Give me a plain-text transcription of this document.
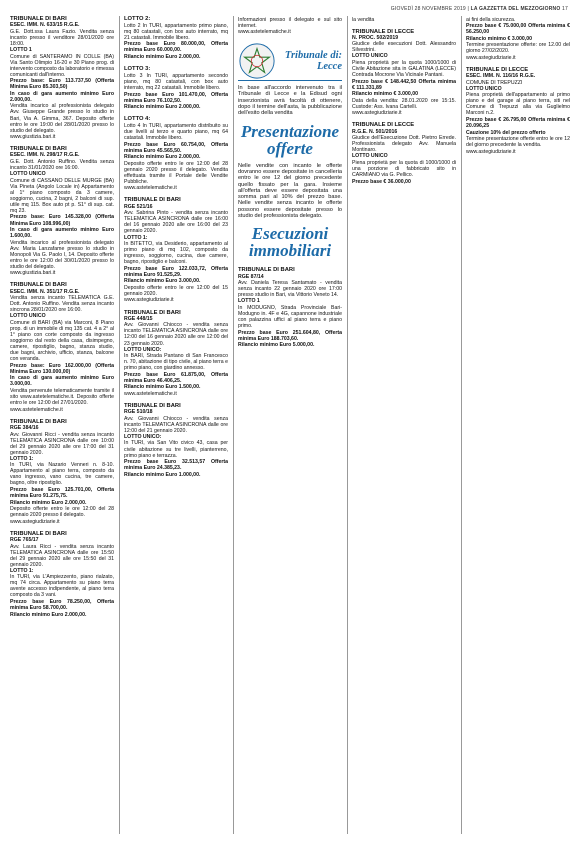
GIOVEDÌ 28 NOVEMBRE 2019 | LA GAZZETTA DEL MEZZOGIORNO 17
TRIBUNALE DI BARI
ESEC. IMM. N. 633/15 R.G.E.

G.E. Dott.ssa Laura Fazio. Vendita senza incanto presso il venditore 28/01/2020 ore 18:00.

LOTTO 1

Comune di SANTERAMO IN COLLE (BA) Via Santo Olimpio 16-20 e 30 Piano prog. di intervento composto da laboratorio e rimessa comunicanti dall'interno.

Prezzo base: Euro 113.737,50 (Offerta Minima Euro 85.303,50)

In caso di gara aumento minimo Euro 2.000,00.

Vendita incarico al professionista delegato Avv. Giuseppe Grande presso lo studio in Bari, Via A. Gimma, 367. Deposito offerte entro le ore 19:00 del 28/01/2020 presso lo studio del delegato.

www.giustizia.bari.it

TRIBUNALE DI BARI
ESEC. IMM. N. 298/17 R.G.E.

G.E. Dott. Antonio Ruffino. Vendita senza incanto 31/01/2020 ore 16:00.

LOTTO UNICO

Comune di CASSANO DELLE MURGE (BA) Via Pineta (Angolo Locale in) Appartamento al 1° piano composto da 3 camere, soggiorno, cucina, 2 bagni, 2 balconi di sup. utile mq 115. Box auto pt p. S1° di sup. cat. mq 23.

Prezzo base: Euro 145.328,00 (Offerta Minima Euro 108.996,00)

In caso di gara aumento minimo Euro 1.600,00.

Vendita incarico al professionista delegato Avv. Maria Lanzafame presso lo studio in Monopoli Via G. Paolo I, 14. Deposito offerte entro le ore 12:00 del 30/01/2020 presso lo studio del delegato.

www.giustizia.bari.it

TRIBUNALE DI BARI
ESEC. IMM. N. 351/17 R.G.E.

Vendita senza incanto TELEMATICA G.E. Dott. Antonio Ruffino. Vendita senza incanto sincrona 28/01/2020 ore 16:00.

LOTTO UNICO

Comune di BARI (BA) via Marconi, 8 Piano prop. di un immobile di mq 135 cat. 4 a 2° al 1° piano con corte composto da ingresso soggiorno dal resto della casa, disimpegno, camere, ripostiglio, bagno, stanza studio, due bagni, archivio, ufficio, stanza, balcone con veranda.

Prezzo base: Euro 162.000,00 (Offerta Minima Euro 130.000,00)

In caso di gara aumento minimo Euro 3.000,00.

Vendita pervenute telematicamente tramite il sito www.astetelematiche.it. Deposito offerte entro le ore 12:00 del 27/01/2020.

www.astetelematiche.it

TRIBUNALE DI BARI
RGE 384/16

Avv. Giovanni Ricci - vendita senza incanto TELEMATICA ASINCRONA dalle ore 10:00 del 29 gennaio 2020 alle ore 17:00 del 31 gennaio 2020.

LOTTO 1:

In TURI, via Nazario Venneri n. 8-10. Appartamento al piano terra, composto da vano ingresso, vano cucina, tre camere, bagno, oltre ripostiglio.

Prezzo base Euro 125.701,00, Offerta minima Euro 91.275,75.

Rilancio minimo Euro 2.000,00.

Deposito offerte entro le ore 12:00 del 28 gennaio 2020 presso il delegato.

www.astegiudiziarie.it

TRIBUNALE DI BARI
RGE 765/17

Avv. Laura Ricci - vendita senza incanto TELEMATICA ASINCRONA dalle ore 15:50 del 29 gennaio 2020 alle ore 15:50 del 31 gennaio 2020.

LOTTO 1:

In TURI, via L'Ampiezzento, piano rialzato, mq 74 circa. Appartamento su piano terra avente accesso indipendente, al piano terra composto da 3 vani.

Prezzo base Euro 78.250,00, Offerta minima Euro 58.700,00.

Rilancio minimo Euro 2.000,00.

LOTTO 2:

Lotto 2 In TURI, appartamento primo piano, mq 80 catastali, con box auto interrato, mq 21 catastali. Immobile libero.

Prezzo base Euro 80.000,00, Offerta minima Euro 60.000,00.

Rilancio minimo Euro 2.000,00.

LOTTO 3:

Lotto 3 In TURI, appartamento secondo piano, mq 80 catastali, con box auto interrato, mq 22 catastali. Immobile libero.

Prezzo base Euro 101.470,00, Offerta minima Euro 76.102,50.

Rilancio minimo Euro 2.000,00.

LOTTO 4:

Lotto 4 In TURI, appartamento distribuito su due livelli al terzo e quarto piano, mq 64 catastali. Immobile libero.

Prezzo base Euro 60.754,00, Offerta minima Euro 45.565,50.

Rilancio minimo Euro 2.000,00.

Deposito offerte entro le ore 12:00 del 28 gennaio 2020 presso il delegato. Vendita effettuata tramite il Portale delle Vendite Pubbliche.

www.astetelematiche.it

TRIBUNALE DI BARI
RGE 521/16

Avv. Sabrina Pinto - vendita senza incanto TELEMATICA ASINCRONA dalle ore 16:00 del 16 gennaio 2020 alle ore 16:00 del 23 gennaio 2020.

LOTTO 1:

In BITETTO, via Desiderio, appartamento al primo piano di mq 102, composto da ingresso, soggiorno, cucina, due camere, bagno, ripostiglio e balconi.

Prezzo base Euro 122.033,72, Offerta minima Euro 91.525,29.

Rilancio minimo Euro 3.000,00.

Deposito offerte entro le ore 12:00 del 15 gennaio 2020.

www.astegiudiziarie.it

TRIBUNALE DI BARI
RGE 448/15

Avv. Giovanni Chiocco - vendita senza incanto TELEMATICA ASINCRONA dalle ore 12:00 del 16 gennaio 2020 alle ore 12:00 del 23 gennaio 2020.

LOTTO UNICO:

In BARI, Strada Pantano di San Francesco n. 70, abitazione di tipo civile, al piano terra e primo piano, con giardino annesso.

Prezzo base Euro 61.875,00, Offerta minima Euro 46.406,25.

Rilancio minimo Euro 1.500,00.

www.astetelematiche.it

TRIBUNALE DI BARI
RGE 510/18

Avv. Giovanni Chiocco - vendita senza incanto TELEMATICA ASINCRONA dalle ore 12:00 del 21 gennaio 2020.

LOTTO UNICO:

In TURI, via San Vito civico 43, casa per civile abitazione su tre livelli, pianterreno, primo piano e terrazza.

Prezzo base Euro 32.513,57 Offerta minima Euro 24.385,23.

Rilancio minimo Euro 1.000,00.

Informazioni presso il delegato e sul sito internet.

www.astetelematiche.it

Tribunale di:
Lecce

In base all'accordo intervenuto tra il Tribunale di Lecce e la Edisud ogni inserzionista avrà facoltà di ottenere, dopo il termine dell'asta, la pubblicazione dell'esito della vendita

Presentazione offerte

Nelle vendite con incanto le offerte dovranno essere depositate in cancelleria entro le ore 12 del giorno precedente quello fissato per la gara. Insieme all'offerta deve essere depositata una somma pari al 10% del prezzo base. Nelle vendite senza incanto le offerte possono essere depositate presso lo studio del professionista delegato.

Esecuzioni immobiliari
TRIBUNALE DI BARI
RGE 87/14

Avv. Daniela Teresa Santamato - vendita senza incanto 22 gennaio 2020 ore 17:00 presso studio in Bari, via Vittorio Veneto 14.

LOTTO 1

In MODUGNO, Strada Provinciale Bari-Modugno in. 4F e 4G, capannone industriale con palazzina uffici al piano terra e piano primo.

Prezzo base Euro 251.604,80, Offerta minima Euro 188.703,60.

Rilancio minimo Euro 5.000,00.

la vendita

TRIBUNALE DI LECCE
N. PROC. 502/2019

Giudice delle esecuzioni Dott. Alessandro Silvestrini.

LOTTO UNICO

Piena proprietà per la quota 1000/1000 di Civile Abitazione sita in GALATINA (LECCE) Contrada Mocrone Via Vicinale Pantani.

Prezzo base € 148.442,50 Offerta minima € 111.331,89

Rilancio minimo € 3.000,00

Data della vendita: 28.01.2020 ore 15:15. Custode: Ass. Ivana Cartelli.

www.astegiudiziarie.it

TRIBUNALE DI LECCE
R.G.E. N. 501/2016

Giudice dell'Esecuzione Dott. Pietrro Errede. Professionista delegato Avv. Manuela Montinaro.

LOTTO UNICO

Piena proprietà per la quota di 1000/1000 di una porzione di fabbricato sito in CARMIANO via G. Pellico.

Prezzo base € 36.000,00

ai fini della sicurezza.

Prezzo base € 75.000,00 Offerta minima € 56.250,00

Rilancio minimo € 3.000,00

Termine presentazione offerte: ore 12.00 del giorno 27/02/2020.

www.astegiudiziarie.it

TRIBUNALE DI LECCE
ESEC. IMM. N. 116/16 R.G.E.

COMUNE DI TREPUZZI

LOTTO UNICO

Piena proprietà dell'appartamento al primo piano e del garage al piano terra, siti nel Comune di Trepuzzi alla via Guglielmo Marconi n.2.

Prezzo base € 26.795,00 Offerta minima € 20.096,25

Cauzione 10% del prezzo offerto

Termine presentazione offerte entro le ore 12 del giorno precedente la vendita.

www.astegiudiziarie.it
